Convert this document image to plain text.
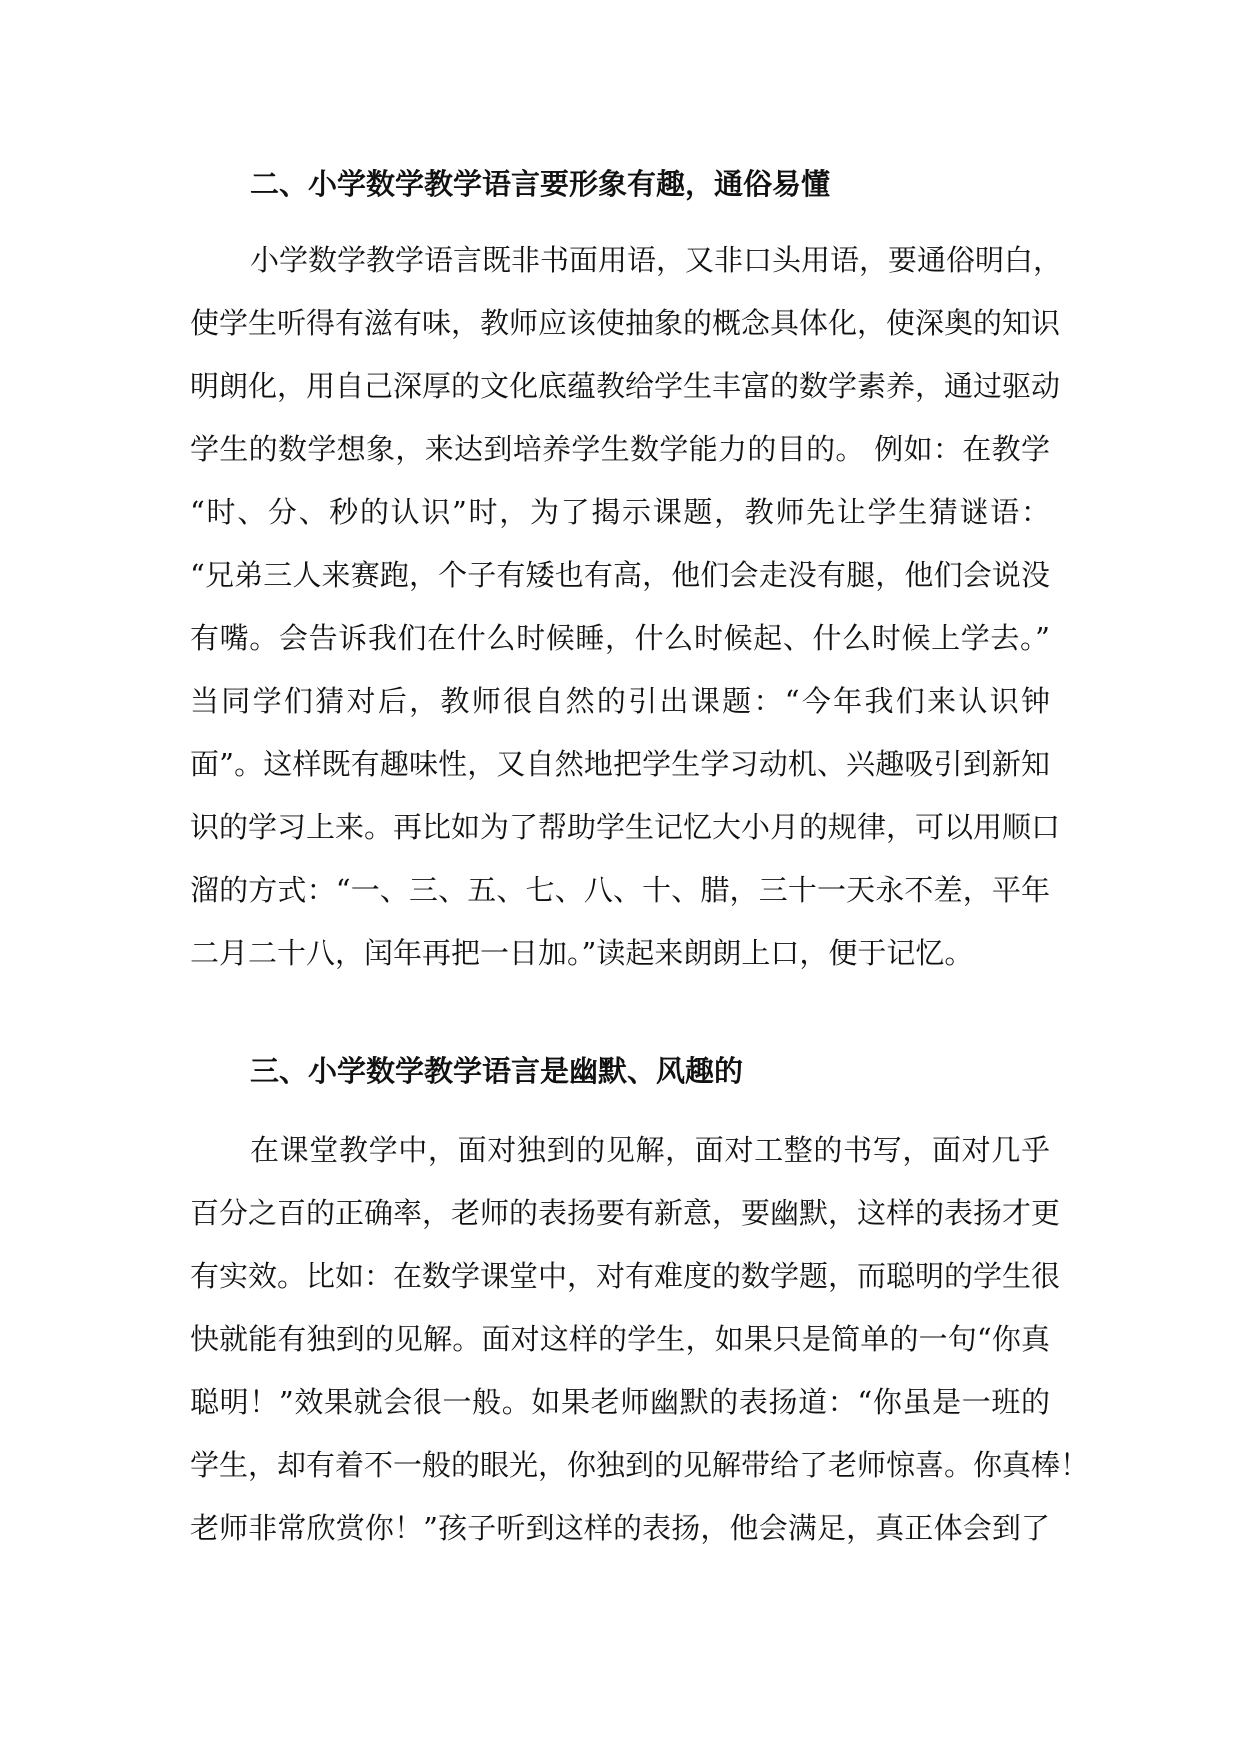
二、小学数学教学语言要形象有趣，通俗易懂
小学数学教学语言既非书面用语，又非口头用语，要通俗明白，
使学生听得有滋有味，教师应该使抽象的概念具体化，使深奥的知识
明朗化，用自己深厚的文化底蕴教给学生丰富的数学素养，通过驱动
学生的数学想象，来达到培养学生数学能力的目的。 例如：在教学
“时、分、秒的认识”时，为了揭示课题，教师先让学生猜谜语：
“兄弟三人来赛跑，个子有矮也有高，他们会走没有腿，他们会说没
有嘴。会告诉我们在什么时候睡，什么时候起、什么时候上学去。”
当同学们猜对后，教师很自然的引出课题：“今年我们来认识钟
面”。这样既有趣味性，又自然地把学生学习动机、兴趣吸引到新知
识的学习上来。再比如为了帮助学生记忆大小月的规律，可以用顺口
溜的方式：“一、三、五、七、八、十、腊，三十一天永不差，平年
二月二十八，闰年再把一日加。”读起来朗朗上口，便于记忆。
三、小学数学教学语言是幽默、风趣的
在课堂教学中，面对独到的见解，面对工整的书写，面对几乎
百分之百的正确率，老师的表扬要有新意，要幽默，这样的表扬才更
有实效。比如：在数学课堂中，对有难度的数学题，而聪明的学生很
快就能有独到的见解。面对这样的学生，如果只是简单的一句“你真
聪明！”效果就会很一般。如果老师幽默的表扬道：“你虽是一班的
学生，却有着不一般的眼光，你独到的见解带给了老师惊喜。你真棒！
老师非常欣赏你！”孩子听到这样的表扬，他会满足，真正体会到了
